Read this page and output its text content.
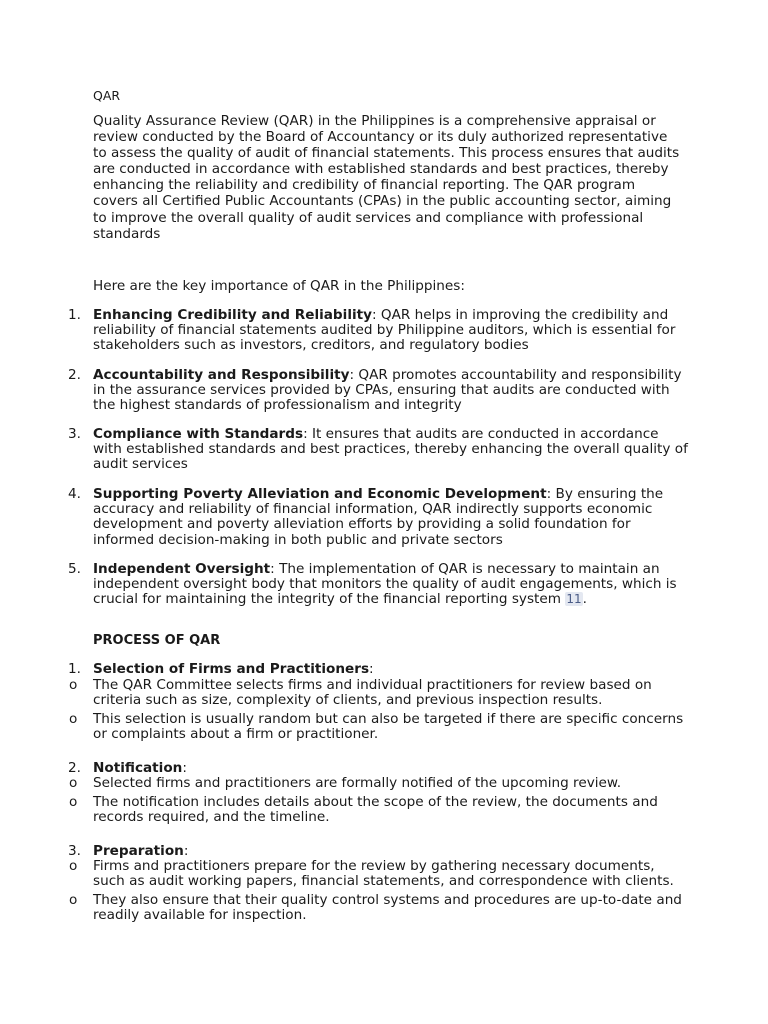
QAR
Quality Assurance Review (QAR) in the Philippines is a comprehensive appraisal or review conducted by the Board of Accountancy or its duly authorized representative to assess the quality of audit of financial statements. This process ensures that audits are conducted in accordance with established standards and best practices, thereby enhancing the reliability and credibility of financial reporting. The QAR program covers all Certified Public Accountants (CPAs) in the public accounting sector, aiming to improve the overall quality of audit services and compliance with professional standards
Here are the key importance of QAR in the Philippines:
1. Enhancing Credibility and Reliability: QAR helps in improving the credibility and reliability of financial statements audited by Philippine auditors, which is essential for stakeholders such as investors, creditors, and regulatory bodies
2. Accountability and Responsibility: QAR promotes accountability and responsibility in the assurance services provided by CPAs, ensuring that audits are conducted with the highest standards of professionalism and integrity
3. Compliance with Standards: It ensures that audits are conducted in accordance with established standards and best practices, thereby enhancing the overall quality of audit services
4. Supporting Poverty Alleviation and Economic Development: By ensuring the accuracy and reliability of financial information, QAR indirectly supports economic development and poverty alleviation efforts by providing a solid foundation for informed decision-making in both public and private sectors
5. Independent Oversight: The implementation of QAR is necessary to maintain an independent oversight body that monitors the quality of audit engagements, which is crucial for maintaining the integrity of the financial reporting system 11.
PROCESS OF QAR
1. Selection of Firms and Practitioners:
o	The QAR Committee selects firms and individual practitioners for review based on criteria such as size, complexity of clients, and previous inspection results.
o	This selection is usually random but can also be targeted if there are specific concerns or complaints about a firm or practitioner.
2. Notification:
o	Selected firms and practitioners are formally notified of the upcoming review.
o	The notification includes details about the scope of the review, the documents and records required, and the timeline.
3. Preparation:
o	Firms and practitioners prepare for the review by gathering necessary documents, such as audit working papers, financial statements, and correspondence with clients.
o	They also ensure that their quality control systems and procedures are up-to-date and readily available for inspection.
